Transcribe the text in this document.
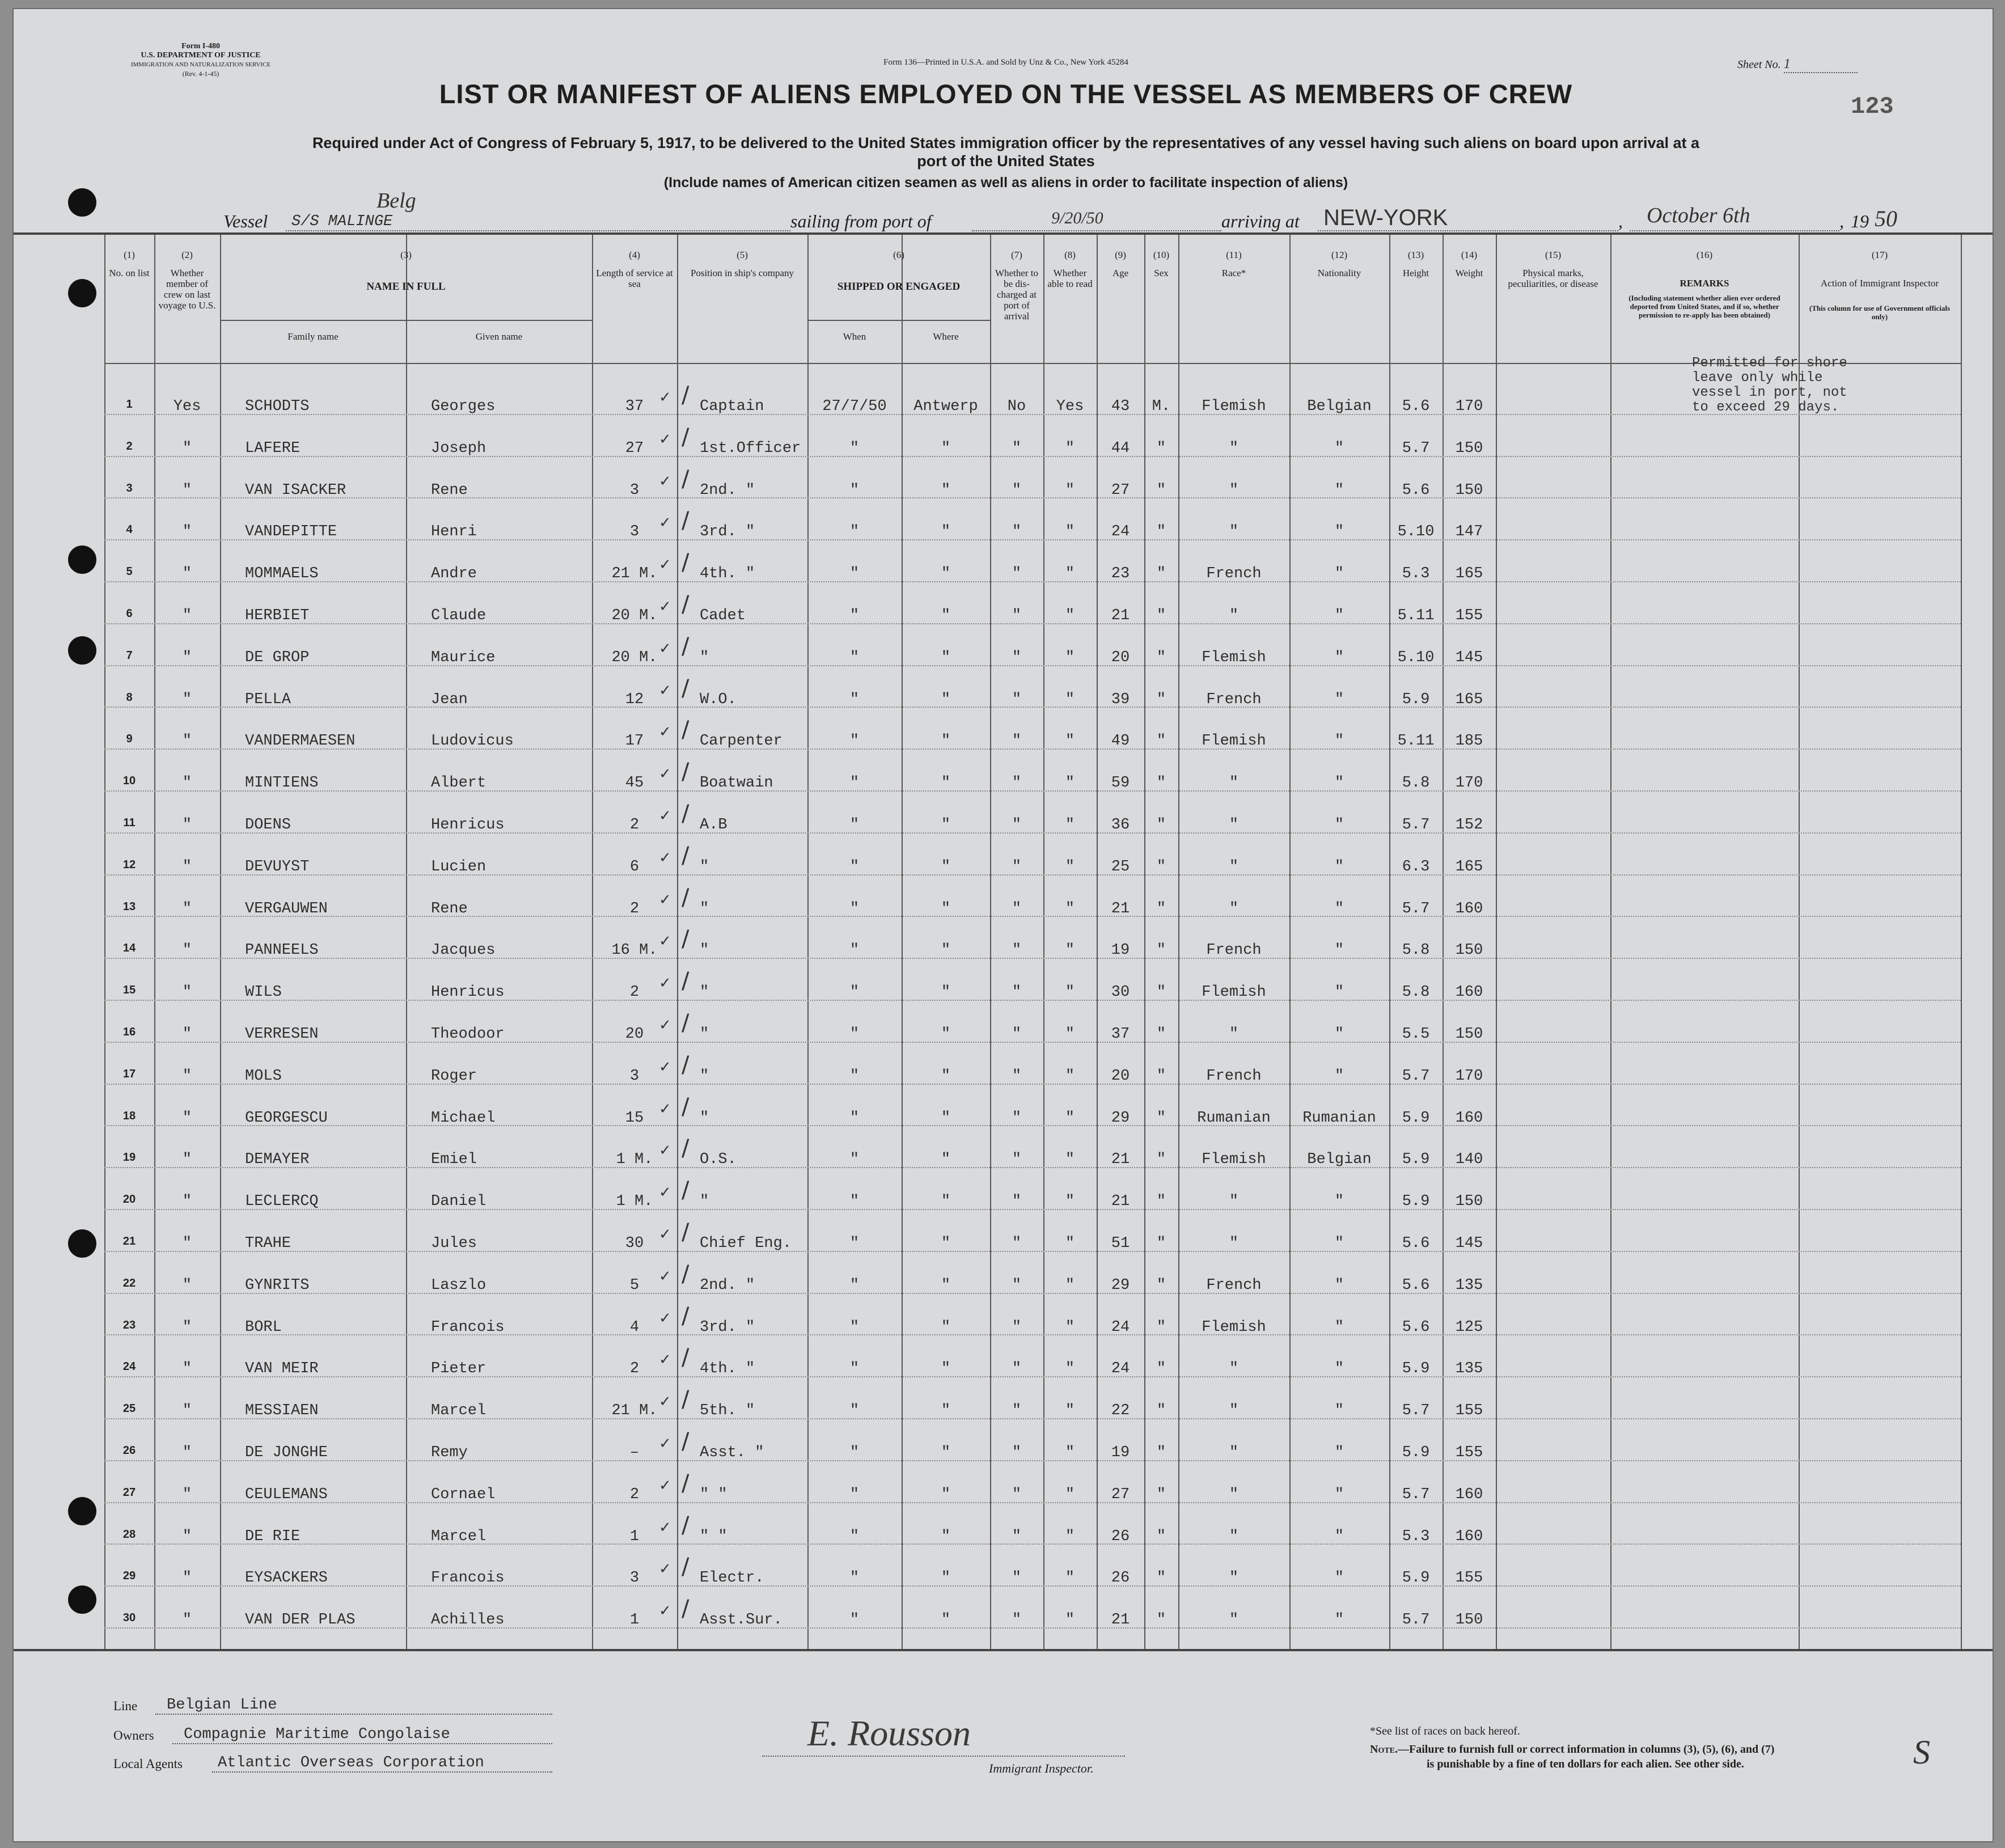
Form I-480
U.S. DEPARTMENT OF JUSTICE
IMMIGRATION AND NATURALIZATION SERVICE
(Rev. 4-1-45)
Form 136—Printed in U.S.A. and Sold by Unz & Co., New York 45284	Sheet No. 1
123
LIST OR MANIFEST OF ALIENS EMPLOYED ON THE VESSEL AS MEMBERS OF CREW
Required under Act of Congress of February 5, 1917, to be delivered to the United States immigration officer by the representatives of any vessel having such aliens on board upon arrival at a
port of the United States
(Include names of American citizen seamen as well as aliens in order to facilitate inspection of aliens)
Vessel S/S MALINGE
Belg
sailing from port of	9/20/50	arriving at NEW-YORK	, October 6th	, 19 50
(1)
No. on list
(2)
Whether member of crew on last voyage to U.S.
(3)
NAME IN FULL
Family name	Given name
(4)
Length of service at sea
(5)
Position in ship's company
(6)
SHIPPED OR ENGAGED
When	Where
(7)
Whether to be dis-charged at port of arrival
(8)
Whether able to read
(9)
Age
(10)
Sex
(11)
Race*
(12)
Nationality
(13)
Height
(14)
Weight
(15)
Physical marks, peculiarities, or disease
(16)
REMARKS
(Including statement whether alien ever ordered deported from United States, and if so, whether permission to re-apply has been obtained)
(17)
Action of Immigrant Inspector
(This column for use of Government officials only)
1	Yes	SCHODTS	Georges	37	Captain	27/7/50	Antwerp	No	Yes	43	M.	Flemish	Belgian	5.6	170
✓ /
2	"	LAFERE	Joseph	27	1st.Officer	"	"	"	"	44	"	"	"	5.7	150
✓ /
3	"	VAN ISACKER	Rene	3	2nd. "	"	"	"	"	27	"	"	"	5.6	150
✓ /
4	"	VANDEPITTE	Henri	3	3rd. "	"	"	"	"	24	"	"	"	5.10	147
✓ /
5	"	MOMMAELS	Andre	21 M.	4th. "	"	"	"	"	23	"	French	"	5.3	165
✓ /
6	"	HERBIET	Claude	20 M.	Cadet	"	"	"	"	21	"	"	"	5.11	155
✓ /
7	"	DE GROP	Maurice	20 M.	"	"	"	"	"	20	"	Flemish	"	5.10	145
✓ /
8	"	PELLA	Jean	12	W.O.	"	"	"	"	39	"	French	"	5.9	165
✓ /
9	"	VANDERMAESEN	Ludovicus	17	Carpenter	"	"	"	"	49	"	Flemish	"	5.11	185
✓ /
10	"	MINTIENS	Albert	45	Boatwain	"	"	"	"	59	"	"	"	5.8	170
✓ /
11	"	DOENS	Henricus	2	A.B	"	"	"	"	36	"	"	"	5.7	152
✓ /
12	"	DEVUYST	Lucien	6	"	"	"	"	"	25	"	"	"	6.3	165
✓ /
13	"	VERGAUWEN	Rene	2	"	"	"	"	"	21	"	"	"	5.7	160
✓ /
14	"	PANNEELS	Jacques	16 M.	"	"	"	"	"	19	"	French	"	5.8	150
✓ /
15	"	WILS	Henricus	2	"	"	"	"	"	30	"	Flemish	"	5.8	160
✓ /
16	"	VERRESEN	Theodoor	20	"	"	"	"	"	37	"	"	"	5.5	150
✓ /
17	"	MOLS	Roger	3	"	"	"	"	"	20	"	French	"	5.7	170
✓ /
18	"	GEORGESCU	Michael	15	"	"	"	"	"	29	"	Rumanian	Rumanian	5.9	160
✓ /
19	"	DEMAYER	Emiel	1 M.	O.S.	"	"	"	"	21	"	Flemish	Belgian	5.9	140
✓ /
20	"	LECLERCQ	Daniel	1 M.	"	"	"	"	"	21	"	"	"	5.9	150
✓ /
21	"	TRAHE	Jules	30	Chief Eng.	"	"	"	"	51	"	"	"	5.6	145
✓ /
22	"	GYNRITS	Laszlo	5	2nd. "	"	"	"	"	29	"	French	"	5.6	135
✓ /
23	"	BORL	Francois	4	3rd. "	"	"	"	"	24	"	Flemish	"	5.6	125
✓ /
24	"	VAN MEIR	Pieter	2	4th. "	"	"	"	"	24	"	"	"	5.9	135
✓ /
25	"	MESSIAEN	Marcel	21 M.	5th. "	"	"	"	"	22	"	"	"	5.7	155
✓ /
26	"	DE JONGHE	Remy	–	Asst. "	"	"	"	"	19	"	"	"	5.9	155
✓ /
27	"	CEULEMANS	Cornael	2	" "	"	"	"	"	27	"	"	"	5.7	160
✓ /
28	"	DE RIE	Marcel	1	" "	"	"	"	"	26	"	"	"	5.3	160
✓ /
29	"	EYSACKERS	Francois	3	Electr.	"	"	"	"	26	"	"	"	5.9	155
✓ /
30	"	VAN DER PLAS	Achilles	1	Asst.Sur.	"	"	"	"	21	"	"	"	5.7	150
✓ /
Permitted for shore leave only while vessel in port, not to exceed 29 days.
Line Belgian Line
Owners Compagnie Maritime Congolaise
Local Agents Atlantic Overseas Corporation
E. Rousson
Immigrant Inspector.
*See list of races on back hereof.
Note.—Failure to furnish full or correct information in columns (3), (5), (6), and (7)
is punishable by a fine of ten dollars for each alien. See other side.	S
